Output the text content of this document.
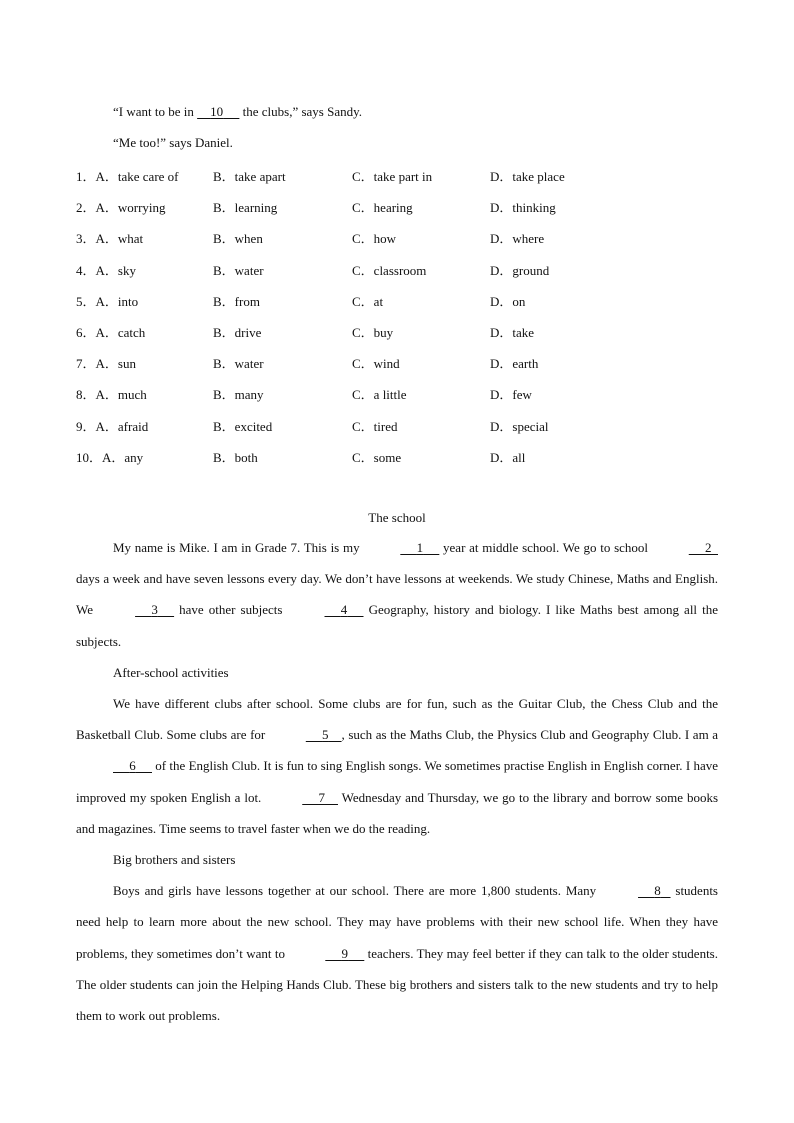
“I want to be in     10      the clubs,” says Sandy.
“Me too!” says Daniel.
1．A．take care of	B．take apart	C．take part in	D．take place
2．A．worrying	B．learning	C．hearing	D．thinking
3．A．what	B．when	C．how	D．where
4．A．sky	B．water	C．classroom	D．ground
5．A．into	B．from	C．at	D．on
6．A．catch	B．drive	C．buy	D．take
7．A．sun	B．water	C．wind	D．earth
8．A．much	B．many	C．a little	D．few
9．A．afraid	B．excited	C．tired	D．special
10．A．any	B．both	C．some	D．all
The school

My name is Mike. I am in Grade 7. This is my	1      year at middle school. We go to school	2   days a week and have seven lessons every day. We don’t have lessons at weekends. We study Chinese, Maths and English. We	3      have other subjects	4      Geography, history and biology. I like Maths best among all the subjects.

After-school activities

We have different clubs after school. Some clubs are for fun, such as the Guitar Club, the Chess Club and the Basketball Club. Some clubs are for	5 , such as the Maths Club, the Physics Club and Geography Club. I am a      6      of the English Club. It is fun to sing English songs. We sometimes practise English in English corner. I have improved my spoken English a lot.	7     Wednesday and Thursday, we go to the library and borrow some books and magazines. Time seems to travel faster when we do the reading.

Big brothers and sisters

Boys and girls have lessons together at our school. There are more 1,800 students. Many	8    students need help to learn more about the new school. They may have problems with their new school life. When they have problems, they sometimes don’t want to	9      teachers. They may feel better if they can talk to the older students. The older students can join the Helping Hands Club. These big brothers and sisters talk to the new students and try to help them to work out problems.
